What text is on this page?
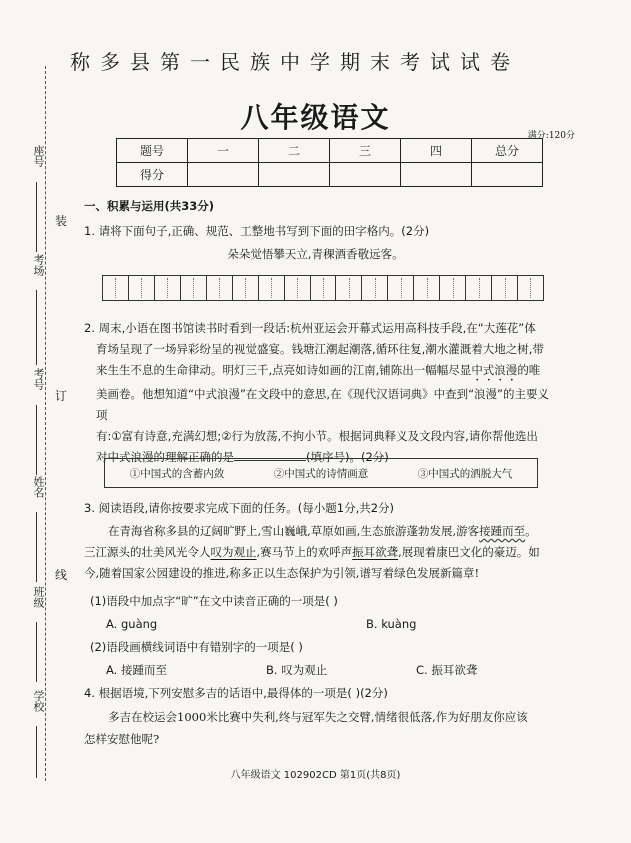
座号
考场
考号
姓名
班级
学校
装
订
线
称多县第一民族中学期末考试试卷
八年级语文
满分:120分
题号	一	二	三	四	总分
得分					
一、积累与运用(共33分)
1. 请将下面句子,正确、规范、工整地书写到下面的田字格内。(2分)
朵朵觉悟攀天立,青稞酒香敬远客。
2. 周末,小语在图书馆读书时看到一段话:杭州亚运会开幕式运用高科技手段,在“大莲花”体
育场呈现了一场异彩纷呈的视觉盛宴。钱塘江潮起潮落,循环往复,潮水灌溉着大地之树,带
来生生不息的生命律动。明灯三千,点亮如诗如画的江南,铺陈出一幅幅尽显中式浪漫的唯
美画卷。他想知道“中式浪漫”在文段中的意思,在《现代汉语词典》中查到“浪漫”的主要义项
有:①富有诗意,充满幻想;②行为放荡,不拘小节。根据词典释义及文段内容,请你帮他选出
对中式浪漫的理解正确的是	(填序号)。(2分)
①中国式的含蓄内敛	②中国式的诗情画意	③中国式的洒脱大气
3. 阅读语段,请你按要求完成下面的任务。(每小题1分,共2分)
在青海省称多县的辽阔旷野上,雪山巍峨,草原如画,生态旅游蓬勃发展,游客接踵而至。
三江源头的壮美风光令人叹为观止,赛马节上的欢呼声振耳欲聋,展现着康巴文化的豪迈。如
今,随着国家公园建设的推进,称多正以生态保护为引领,谱写着绿色发展新篇章!
(1)语段中加点字“旷”在文中读音正确的一项是( )
A. guàng	B. kuàng
(2)语段画横线词语中有错别字的一项是( )
A. 接踵而至	B. 叹为观止	C. 振耳欲聋
4. 根据语境,下列安慰多吉的话语中,最得体的一项是( )(2分)
多吉在校运会1000米比赛中失利,终与冠军失之交臂,情绪很低落,作为好朋友你应该
怎样安慰他呢?
八年级语文 102902CD 第1页(共8页)
